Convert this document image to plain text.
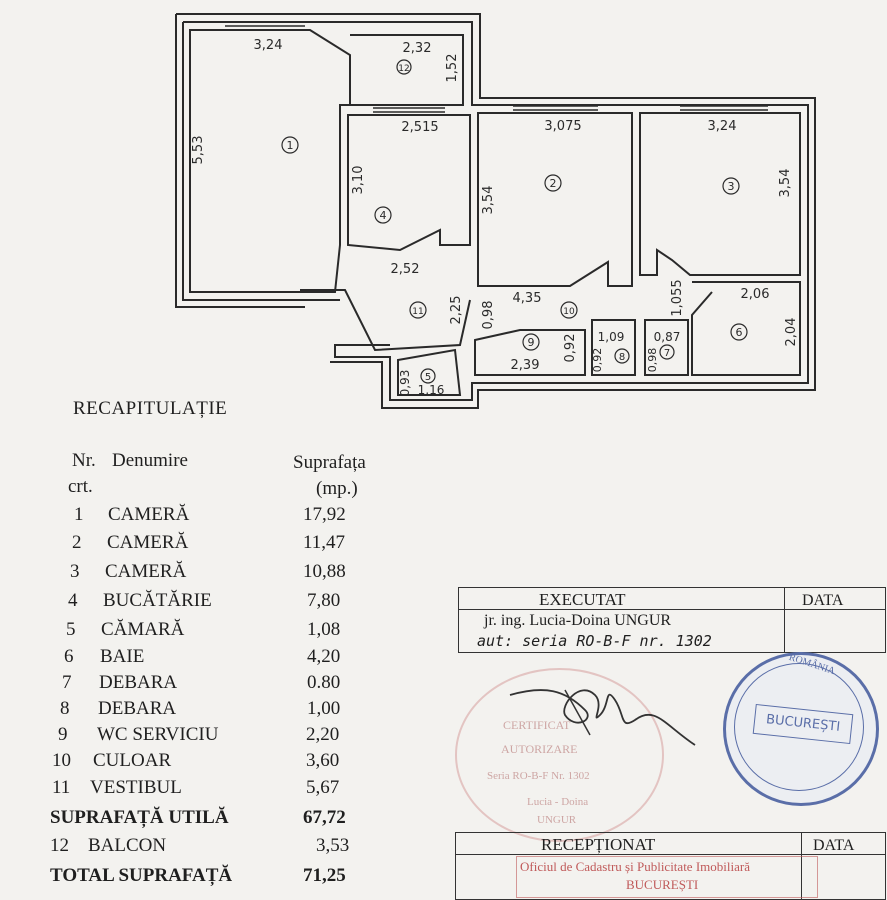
1
2	3
4
5
6
7
8
9
10
11
12
3,24	2,32
1,52
5,53
2,515
3,10
3,075
3,54
3,24
3,54
2,52
2,25 0,98
4,35	1,055	2,06
2,04
2,39
0,92 1,09
0,92
0,87
0,98
0,93 1,16
RECAPITULAȚIE
Nr. Denumire	Suprafața
crt.	(mp.)
1 CAMERĂ	17,92
2 CAMERĂ	11,47
3 CAMERĂ	10,88
4 BUCĂTĂRIE	7,80
5 CĂMARĂ	1,08
6 BAIE	4,20
7 DEBARA	0.80
8 DEBARA	1,00
9 WC SERVICIU	2,20
10 CULOAR	3,60
11 VESTIBUL	5,67
SUPRAFAȚĂ UTILĂ	67,72
12 BALCON	3,53
TOTAL SUPRAFAȚĂ	71,25
EXECUTAT	DATA
jr. ing. Lucia-Doina UNGUR
aut: seria RO-B-F nr. 1302
CERTIFICAT
AUTORIZARE
Seria RO-B-F Nr. 1302
Lucia - Doina
UNGUR
ROMÂNIA
BUCUREȘTI
RECEPȚIONAT	DATA
Oficiul de Cadastru și Publicitate Imobiliară
BUCUREȘTI
